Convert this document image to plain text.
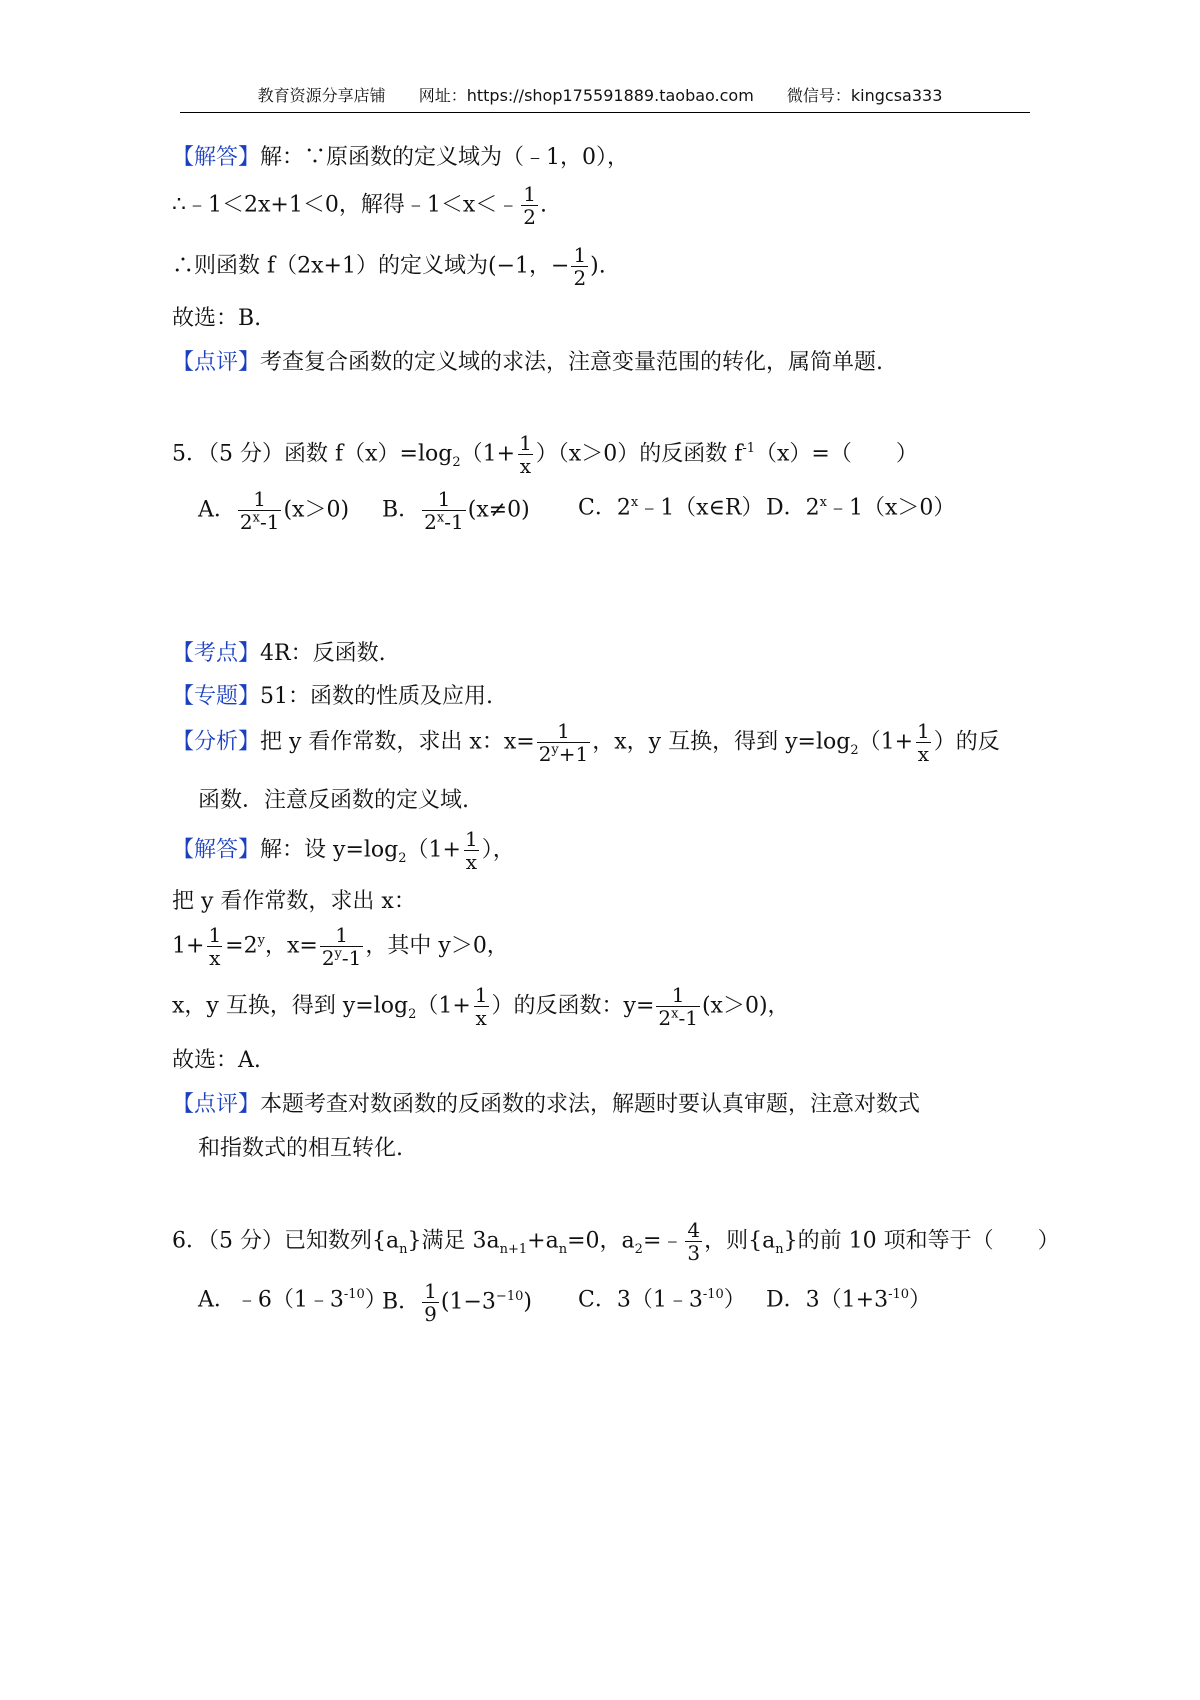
教育资源分享店铺 网址：https://shop175591889.taobao.com 微信号：kingcsa333
【解答】解：∵原函数的定义域为（﹣1，0），
∴﹣1＜2x+1＜0，解得﹣1＜x＜﹣ $\frac{1}{2}$ .
∴则函数 f（2x+1）的定义域为(−1，− $\frac{1}{2}$ ).
故选：B.
【点评】考查复合函数的定义域的求法，注意变量范围的转化，属简单题.
5．（5 分）函数 $f(x)=\log_2(1+ \frac{1}{x} )(x>0)$的反函数 $f^{-1}(x)=$（　　）
A． $\frac{1}{2^x-1} (x>0)$ B． $\frac{1}{2^x-1} (x\ne 0)$ C．2$^x$﹣1（x∈R） D．$2^x﹣1(x>0)$
【考点】4R：反函数.
【专题】51：函数的性质及应用.
【分析】把 y 看作常数，求出 x：$x= \frac{1}{2^y+1}$ ，x，y 互换，得到 $y=\log_2(1+ \frac{1}{x}$ ）的反
函数．注意反函数的定义域.
【解答】解：设 $y=\log_2(1+ \frac{1}{x}$ ），
把 y 看作常数，求出 x：
$1+ \frac{1}{x} =2^y$，$x= \frac{1}{2^y-1}$ ，其中 y＞0，
x，y 互换，得到 $y=\log_2(1+ \frac{1}{x}$ ）的反函数：$y= \frac{1}{2^x-1} (x>0)$，
故选：A.
【点评】本题考查对数函数的反函数的求法，解题时要认真审题，注意对数式
和指数式的相互转化.
6．（5 分）已知数列$\{a_n\}$满足 $3a_{n+1}+a_n=0$，$a_2=﹣ \frac{4}{3}$ ，则$\{a_n\}$的前 10 项和等于（　　）
A．$﹣6(1﹣3^{-10})$
B． $\frac{1}{9} (1-3^{-10})$ C．$3(1﹣3^{-10})$ D．$3(1+3^{-10})$
